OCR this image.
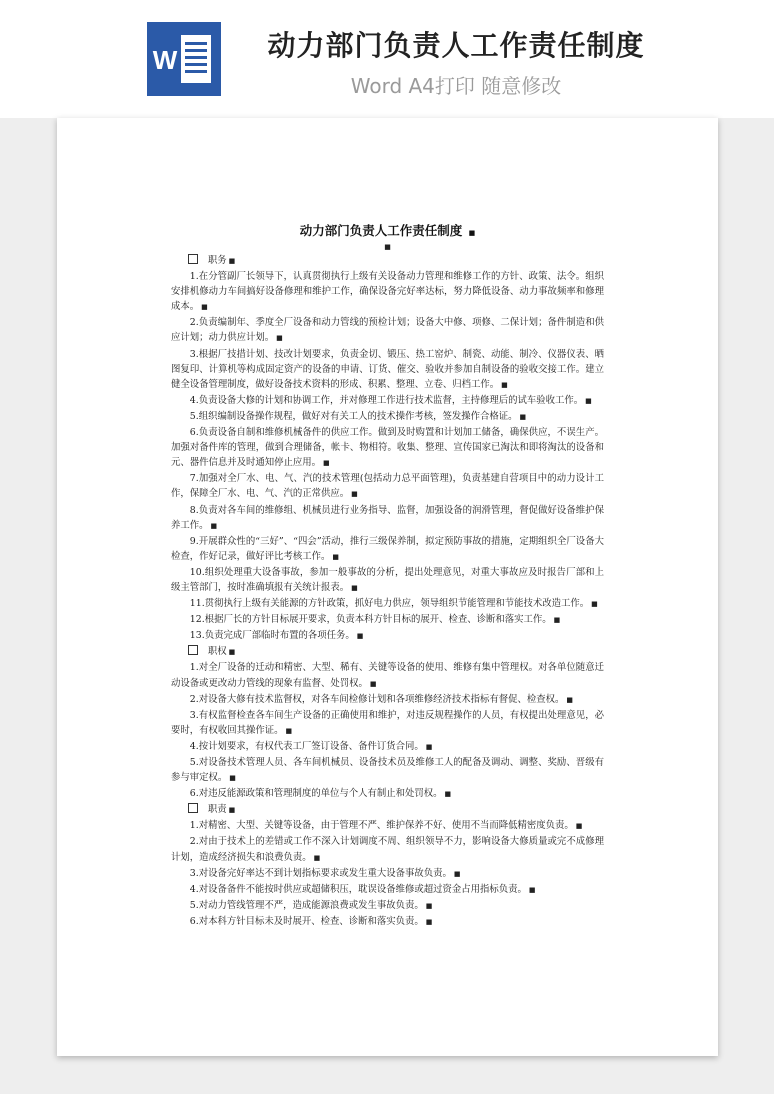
W	动力部门负责人工作责任制度
Word A4打印 随意修改
动力部门负责人工作责任制度 ■
■

职务 ■

1.在分管副厂长领导下，认真贯彻执行上级有关设备动力管理和维修工作的方针、政策、法令。组织安排机修动力车间搞好设备修理和维护工作，确保设备完好率达标，努力降低设备、动力事故频率和修理成本。 ■

2.负责编制年、季度全厂设备和动力管线的预检计划；设备大中修、项修、二保计划；备件制造和供应计划；动力供应计划。 ■

3.根据厂技措计划、技改计划要求，负责金切、锻压、热工窑炉、制瓷、动能、制冷、仪器仪表、晒图复印、计算机等构成固定资产的设备的申请、订货、催交、验收并参加自制设备的验收交接工作。建立健全设备管理制度，做好设备技术资料的形成、积累、整理、立卷、归档工作。 ■

4.负责设备大修的计划和协调工作，并对修理工作进行技术监督，主持修理后的试车验收工作。 ■

5.组织编制设备操作规程，做好对有关工人的技术操作考核，签发操作合格证。 ■

6.负责设备自制和维修机械备件的供应工作。做到及时购置和计划加工储备，确保供应，不误生产。加强对备件库的管理，做到合理储备，帐卡、物相符。收集、整理、宣传国家已淘汰和即将淘汰的设备和元、器件信息并及时通知停止应用。 ■

7.加强对全厂水、电、气、汽的技术管理(包括动力总平面管理)，负责基建自营项目中的动力设计工作，保障全厂水、电、气、汽的正常供应。 ■

8.负责对各车间的维修组、机械员进行业务指导、监督，加强设备的润滑管理，督促做好设备维护保养工作。 ■

9.开展群众性的“三好”、“四会”活动，推行三级保养制，拟定预防事故的措施，定期组织全厂设备大检查，作好记录，做好评比考核工作。 ■

10.组织处理重大设备事故，参加一般事故的分析，提出处理意见，对重大事故应及时报告厂部和上级主管部门，按时准确填报有关统计报表。 ■

11.贯彻执行上级有关能源的方针政策，抓好电力供应，领导组织节能管理和节能技术改造工作。 ■

12.根据厂长的方针目标展开要求，负责本科方针目标的展开、检查、诊断和落实工作。 ■

13.负责完成厂部临时布置的各项任务。 ■

职权 ■

1.对全厂设备的迁动和精密、大型、稀有、关键等设备的使用、维修有集中管理权。对各单位随意迁动设备或更改动力管线的现象有监督、处罚权。 ■

2.对设备大修有技术监督权，对各车间检修计划和各项维修经济技术指标有督促、检查权。 ■

3.有权监督检查各车间生产设备的正确使用和维护，对违反规程操作的人员，有权提出处理意见，必要时，有权收回其操作证。 ■

4.按计划要求，有权代表工厂签订设备、备件订货合同。 ■

5.对设备技术管理人员、各车间机械员、设备技术员及维修工人的配备及调动、调整、奖励、晋级有参与审定权。 ■

6.对违反能源政策和管理制度的单位与个人有制止和处罚权。 ■

职责 ■

1.对精密、大型、关键等设备，由于管理不严、维护保养不好、使用不当而降低精密度负责。 ■

2.对由于技术上的差错或工作不深入计划调度不周、组织领导不力，影响设备大修质量或完不成修理计划，造成经济损失和浪费负责。 ■

3.对设备完好率达不到计划指标要求或发生重大设备事故负责。 ■

4.对设备备件不能按时供应或超储积压，耽误设备维修或超过资金占用指标负责。 ■

5.对动力管线管理不严，造成能源浪费或发生事故负责。 ■

6.对本科方针目标未及时展开、检查、诊断和落实负责。 ■
